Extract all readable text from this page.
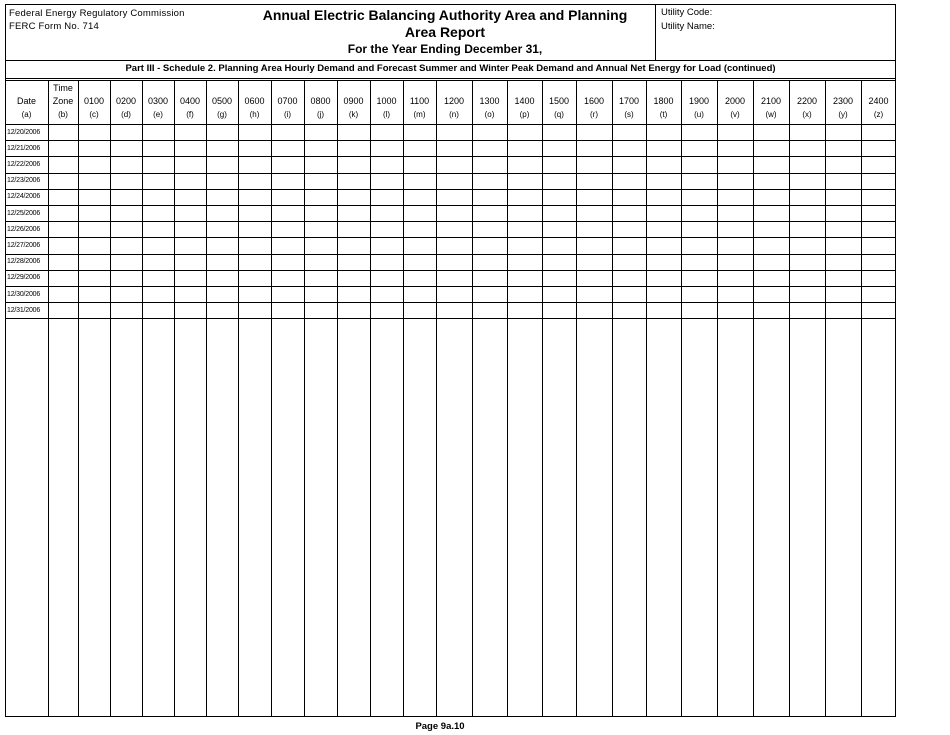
Federal Energy Regulatory Commission
FERC Form No. 714
Annual Electric Balancing Authority Area and Planning
Area Report
For the Year Ending December 31,
Utility Code:
Utility Name:
Part III - Schedule 2. Planning Area Hourly Demand and Forecast Summer and Winter Peak Demand and Annual Net Energy for Load (continued)
Date
(a)
Time
Zone
(b)
0100
(c)
0200
(d)
0300
(e)
0400
(f)
0500
(g)
0600
(h)
0700
(i)
0800
(j)
0900
(k)
1000
(l)
1100
(m)
1200
(n)
1300
(o)
1400
(p)
1500
(q)
1600
(r)
1700
(s)
1800
(t)
1900
(u)
2000
(v)
2100
(w)
2200
(x)
2300
(y)
2400
(z)
12/20/2006
12/21/2006
12/22/2006
12/23/2006
12/24/2006
12/25/2006
12/26/2006
12/27/2006
12/28/2006
12/29/2006
12/30/2006
12/31/2006
Page 9a.10
